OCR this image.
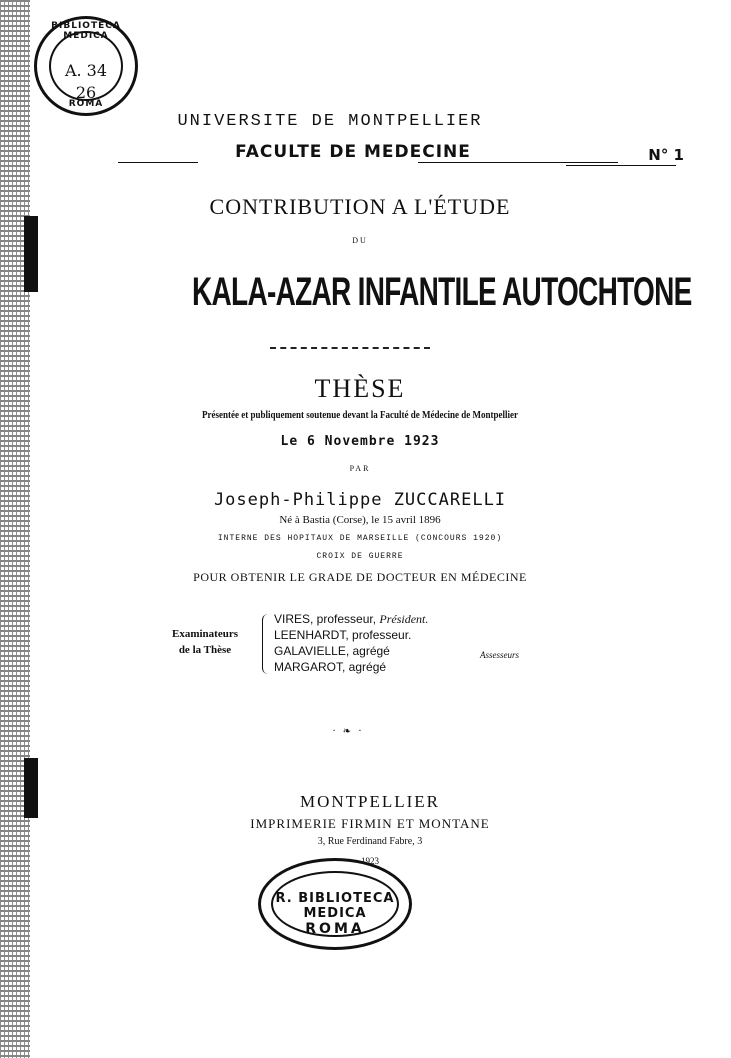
BIBLIOTECA MEDICA
A. 34
26
ROMA
UNIVERSITE DE MONTPELLIER
FACULTE DE MEDECINE	N° 1
CONTRIBUTION A L'ÉTUDE
DU
KALA-AZAR INFANTILE AUTOCHTONE
THÈSE
Présentée et publiquement soutenue devant la Faculté de Médecine de Montpellier
Le 6 Novembre 1923
PAR
Joseph-Philippe ZUCCARELLI
Né à Bastia (Corse), le 15 avril 1896
INTERNE DES HOPITAUX DE MARSEILLE (CONCOURS 1920)
CROIX DE GUERRE
POUR OBTENIR LE GRADE DE DOCTEUR EN MÉDECINE
Examinateurs
de la Thèse
VIRES, professeur, Président.
LEENHARDT, professeur.
GALAVIELLE, agrégé
MARGAROT, agrégé
Assesseurs
· ❧ ·
MONTPELLIER
IMPRIMERIE FIRMIN ET MONTANE
3, Rue Ferdinand Fabre, 3
1923
R. BIBLIOTECA MEDICA
ROMA
